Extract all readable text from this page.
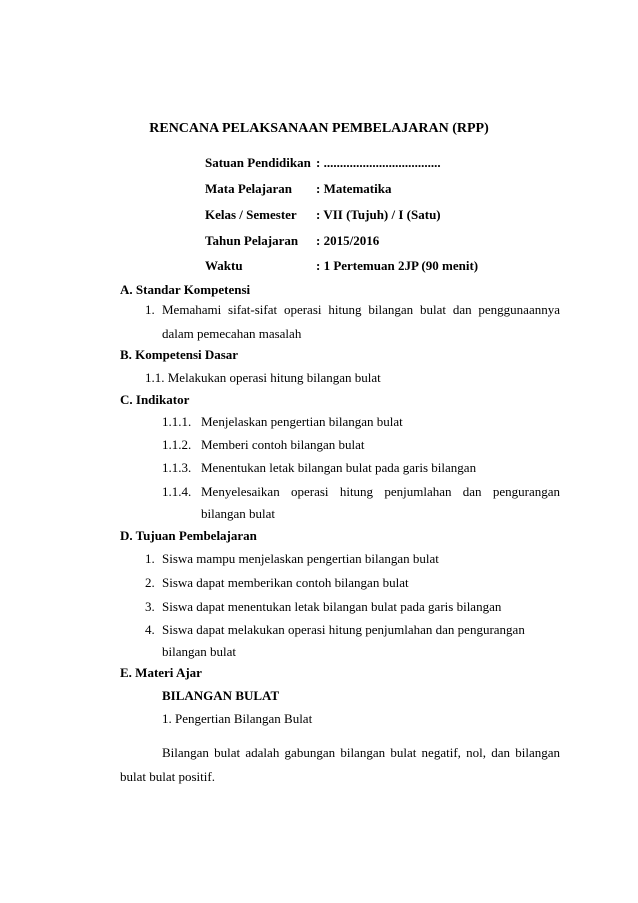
RENCANA PELAKSANAAN PEMBELAJARAN (RPP)
Satuan Pendidikan : ....................................
Mata Pelajaran : Matematika
Kelas / Semester : VII (Tujuh) / I (Satu)
Tahun Pelajaran : 2015/2016
Waktu	: 1 Pertemuan 2JP (90 menit)
A. Standar Kompetensi
1. Memahami sifat-sifat operasi hitung bilangan bulat dan penggunaannya
dalam pemecahan masalah
B. Kompetensi Dasar
1.1. Melakukan operasi hitung bilangan bulat
C. Indikator
1.1.1. Menjelaskan pengertian bilangan bulat
1.1.2. Memberi contoh bilangan bulat
1.1.3. Menentukan letak bilangan bulat pada garis bilangan
1.1.4. Menyelesaikan operasi hitung penjumlahan dan pengurangan
bilangan bulat
D. Tujuan Pembelajaran
1. Siswa mampu menjelaskan pengertian bilangan bulat
2. Siswa dapat memberikan contoh bilangan bulat
3. Siswa dapat menentukan letak bilangan bulat pada garis bilangan
4. Siswa dapat melakukan operasi hitung penjumlahan dan pengurangan
bilangan bulat
E. Materi Ajar
BILANGAN BULAT
1. Pengertian Bilangan Bulat
Bilangan bulat adalah gabungan bilangan bulat negatif, nol, dan bilangan
bulat bulat positif.
